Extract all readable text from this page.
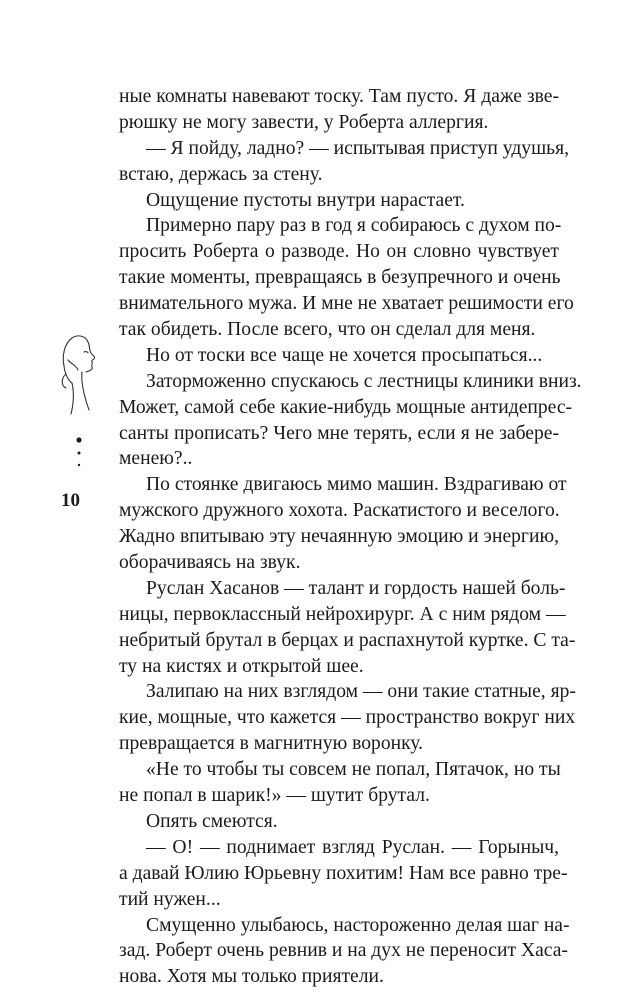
10
ные комнаты навевают тоску. Там пусто. Я даже зве-
рюшку не могу завести, у Роберта аллергия.
— Я пойду, ладно? — испытывая приступ удушья,
встаю, держась за стену.
Ощущение пустоты внутри нарастает.
Примерно пару раз в год я собираюсь с духом по-
просить Роберта о разводе. Но он словно чувствует
такие моменты, превращаясь в безупречного и очень
внимательного мужа. И мне не хватает решимости его
так обидеть. После всего, что он сделал для меня.
Но от тоски все чаще не хочется просыпаться...
Заторможенно спускаюсь с лестницы клиники вниз.
Может, самой себе какие-нибудь мощные антидепрес-
санты прописать? Чего мне терять, если я не забере-
менею?..
По стоянке двигаюсь мимо машин. Вздрагиваю от
мужского дружного хохота. Раскатистого и веселого.
Жадно впитываю эту нечаянную эмоцию и энергию,
оборачиваясь на звук.
Руслан Хасанов — талант и гордость нашей боль-
ницы, первоклассный нейрохирург. А с ним рядом —
небритый брутал в берцах и распахнутой куртке. С та-
ту на кистях и открытой шее.
Залипаю на них взглядом — они такие статные, яр-
кие, мощные, что кажется — пространство вокруг них
превращается в магнитную воронку.
«Не то чтобы ты совсем не попал, Пятачок, но ты
не попал в шарик!» — шутит брутал.
Опять смеются.
— О! — поднимает взгляд Руслан. — Горыныч,
а давай Юлию Юрьевну похитим! Нам все равно тре-
тий нужен...
Смущенно улыбаюсь, настороженно делая шаг на-
зад. Роберт очень ревнив и на дух не переносит Хаса-
нова. Хотя мы только приятели.
